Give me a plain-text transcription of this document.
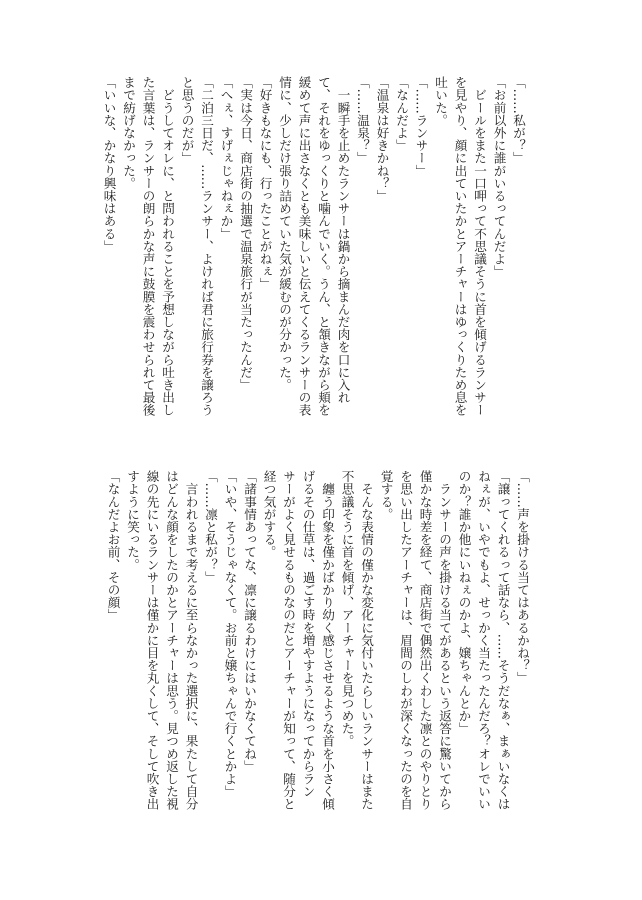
「……私が？」
「お前以外に誰がいるってんだよ」
　ビールをまた一口呷って不思議そうに首を傾げるランサー
を見やり、顔に出ていたかとアーチャーはゆっくりため息を
吐いた。
「……ランサー」
「なんだよ」
「温泉は好きかね？」
「……温泉？」
　一瞬手を止めたランサーは鍋から摘まんだ肉を口に入れ
て、それをゆっくりと噛んでいく。うん、と頷きながら頬を
緩めて声に出さなくとも美味しいと伝えてくるランサーの表
情に、少しだけ張り詰めていた気が緩むのが分かった。
「好きもなにも、行ったことがねぇ」
「実は今日、商店街の抽選で温泉旅行が当たったんだ」
「へぇ、すげぇじゃねぇか」
「二泊三日だ、……ランサー、よければ君に旅行券を譲ろう
と思うのだが」
　どうしてオレに、と問われることを予想しながら吐き出し
た言葉は、ランサーの朗らかな声に鼓膜を震わせられて最後
まで紡げなかった。
「いいな、かなり興味はある」
「……声を掛ける当てはあるかね？」
「譲ってくれるって話なら、……そうだなぁ、まぁいなくは
ねぇが、いやでもよ、せっかく当たったんだろ？オレでいい
のか？誰か他にいねぇのかよ、嬢ちゃんとか」
　ランサーの声を掛ける当てがあるという返答に驚いてから
僅かな時差を経て、商店街で偶然出くわした凛とのやりとり
を思い出したアーチャーは、眉間のしわが深くなったのを自
覚する。
　そんな表情の僅かな変化に気付いたらしいランサーはまた
不思議そうに首を傾げ、アーチャーを見つめた。
　纏う印象を僅かばかり幼く感じさせるような首を小さく傾
げるその仕草は、過ごす時を増やすようになってからラン
サーがよく見せるものなのだとアーチャーが知って、随分と
経つ気がする。
「諸事情あってな、凛に譲るわけにはいかなくてね」
「いや、そうじゃなくて。お前と嬢ちゃんで行くとかよ」
「……凛と私が？」
　言われるまで考えるに至らなかった選択に、果たして自分
はどんな顔をしたのかとアーチャーは思う。見つめ返した視
線の先にいるランサーは僅かに目を丸くして、そして吹き出
すように笑った。
「なんだよお前、その顔」
